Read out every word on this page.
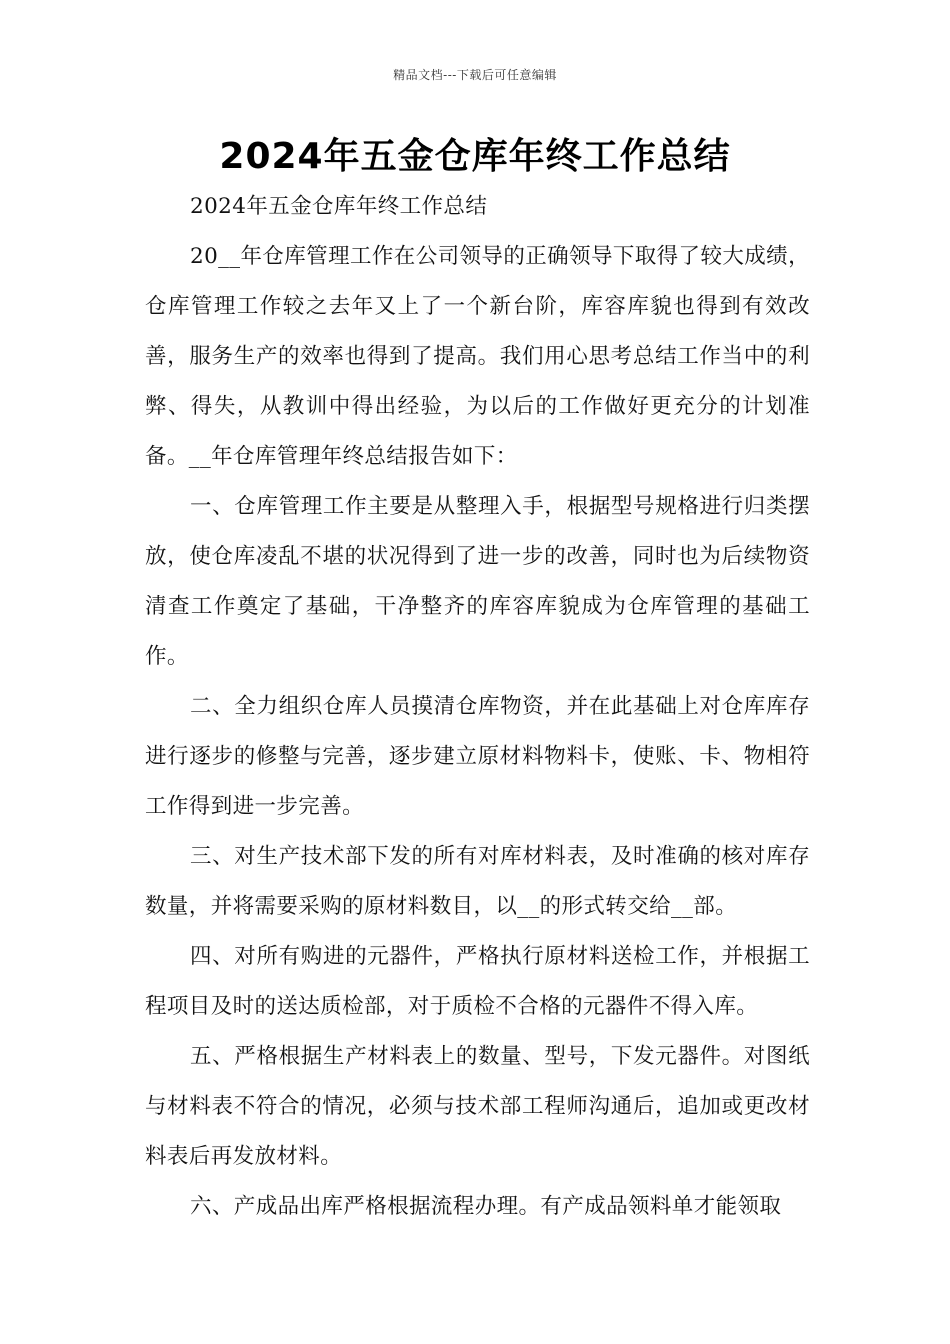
精品文档---下载后可任意编辑
2024年五金仓库年终工作总结

2024年五金仓库年终工作总结

20__年仓库管理工作在公司领导的正确领导下取得了较大成绩，仓库管理工作较之去年又上了一个新台阶，库容库貌也得到有效改善，服务生产的效率也得到了提高。我们用心思考总结工作当中的利弊、得失，从教训中得出经验，为以后的工作做好更充分的计划准备。__年仓库管理年终总结报告如下：

一、仓库管理工作主要是从整理入手，根据型号规格进行归类摆放，使仓库凌乱不堪的状况得到了进一步的改善，同时也为后续物资清查工作奠定了基础，干净整齐的库容库貌成为仓库管理的基础工作。

二、全力组织仓库人员摸清仓库物资，并在此基础上对仓库库存进行逐步的修整与完善，逐步建立原材料物料卡，使账、卡、物相符工作得到进一步完善。

三、对生产技术部下发的所有对库材料表，及时准确的核对库存数量，并将需要采购的原材料数目，以__的形式转交给__部。

四、对所有购进的元器件，严格执行原材料送检工作，并根据工程项目及时的送达质检部，对于质检不合格的元器件不得入库。

五、严格根据生产材料表上的数量、型号，下发元器件。对图纸与材料表不符合的情况，必须与技术部工程师沟通后，追加或更改材料表后再发放材料。

六、产成品出库严格根据流程办理。有产成品领料单才能领取
